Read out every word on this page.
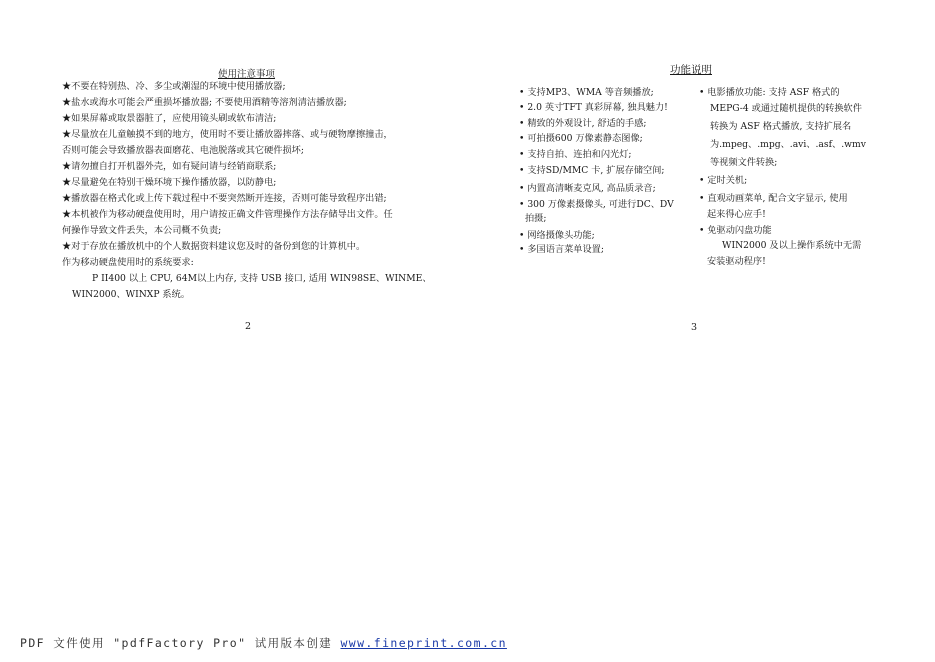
使用注意事项
★不要在特别热、冷、多尘或潮湿的环境中使用播放器;
★盐水或海水可能会严重损坏播放器; 不要使用酒精等溶剂清洁播放器;
★如果屏幕或取景器脏了，应使用镜头刷或软布清洁;
★尽量放在儿童触摸不到的地方，使用时不要让播放器摔落、或与硬物摩擦撞击，
否则可能会导致播放器表面磨花、电池脱落或其它硬件损坏;
★请勿擅自打开机器外壳，如有疑问请与经销商联系;
★尽量避免在特别干燥环境下操作播放器，以防静电;
★播放器在格式化或上传下载过程中不要突然断开连接，否则可能导致程序出错;
★本机被作为移动硬盘使用时，用户请按正确文件管理操作方法存储导出文件。任
何操作导致文件丢失，本公司概不负责;
★对于存放在播放机中的个人数据资料建议您及时的备份到您的计算机中。
作为移动硬盘使用时的系统要求:
P II400 以上 CPU, 64M以上内存, 支持 USB 接口, 适用 WIN98SE、WINME、
WIN2000、WINXP 系统。
2
功能说明
• 支持MP3、WMA 等音频播放;
• 2.0 英寸TFT 真彩屏幕, 独具魅力!
• 精致的外观设计, 舒适的手感;
• 可拍摄600 万像素静态图像;
• 支持自拍、连拍和闪光灯;
• 支持SD/MMC 卡, 扩展存储空间;
• 内置高清晰麦克风, 高品质录音;
• 300 万像素摄像头, 可进行DC、DV
拍摄;
• 网络摄像头功能;
• 多国语言菜单设置;
• 电影播放功能: 支持 ASF 格式的
MEPG-4 或通过随机提供的转换软件
转换为 ASF 格式播放, 支持扩展名
为.mpeg、.mpg、.avi、.asf、.wmv
等视频文件转换;
• 定时关机;
• 直观动画菜单, 配合文字显示, 使用
起来得心应手!
• 免驱动闪盘功能
WIN2000 及以上操作系统中无需
安装驱动程序!
3
PDF 文件使用 "pdfFactory Pro" 试用版本创建 www.fineprint.com.cn
